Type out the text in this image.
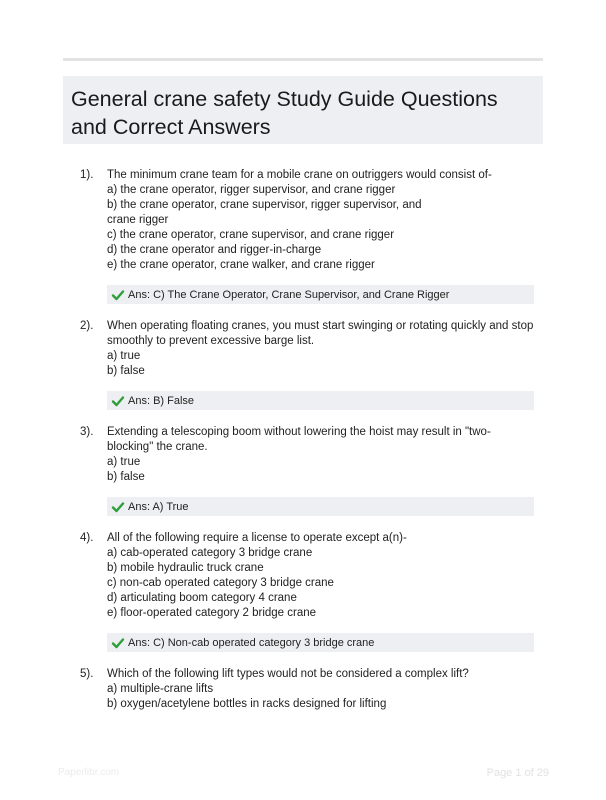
General crane safety Study Guide Questions and Correct Answers
1).	The minimum crane team for a mobile crane on outriggers would consist of-
a) the crane operator, rigger supervisor, and crane rigger
b) the crane operator, crane supervisor, rigger supervisor, and
crane rigger
c) the crane operator, crane supervisor, and crane rigger
d) the crane operator and rigger-in-charge
e) the crane operator, crane walker, and crane rigger
Ans: C) The Crane Operator, Crane Supervisor, and Crane Rigger
2).	When operating floating cranes, you must start swinging or rotating quickly and stop smoothly to prevent excessive barge list.
a) true
b) false
Ans: B) False
3).	Extending a telescoping boom without lowering the hoist may result in "two-blocking" the crane.
a) true
b) false
Ans: A) True
4).	All of the following require a license to operate except a(n)-
a) cab-operated category 3 bridge crane
b) mobile hydraulic truck crane
c) non-cab operated category 3 bridge crane
d) articulating boom category 4 crane
e) floor-operated category 2 bridge crane
Ans: C) Non-cab operated category 3 bridge crane
5).	Which of the following lift types would not be considered a complex lift?
a) multiple-crane lifts
b) oxygen/acetylene bottles in racks designed for lifting
Paperlibr.com	Page 1 of 29
